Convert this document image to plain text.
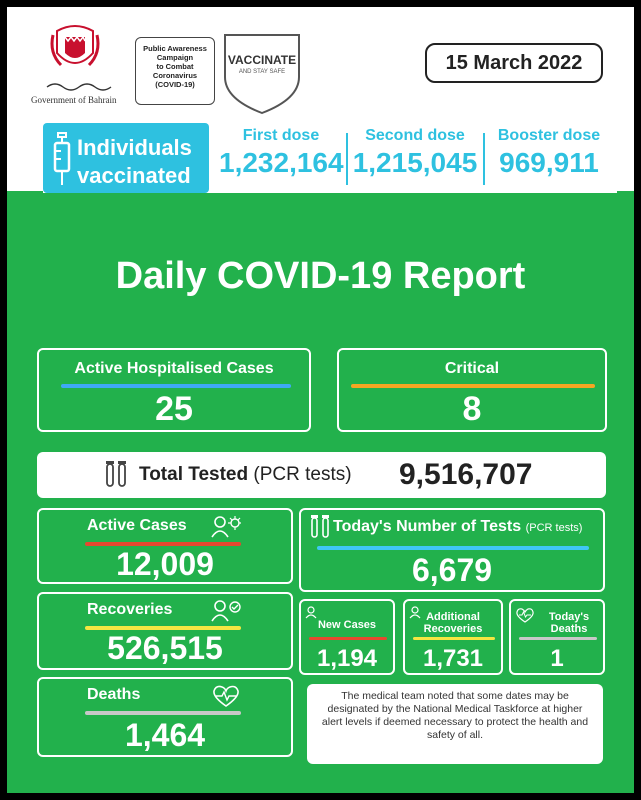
Government of Bahrain
Public Awareness
Campaign
to Combat
Coronavirus
(COVID-19)
VACCINATE
AND STAY SAFE	15 March 2022
Individuals
vaccinated
First dose
1,232,164
Second dose
1,215,045
Booster dose
969,911
Daily COVID-19 Report
Active Hospitalised Cases
25
Critical
8
Total Tested (PCR tests) 9,516,707
Active Cases
12,009
Recoveries
526,515
Deaths
1,464
Today's Number of Tests (PCR tests)
6,679
New Cases
1,194
Additional
Recoveries
1,731
Today's
Deaths
1
The medical team noted that some dates may be designated by the National Medical Taskforce at higher alert levels if deemed necessary to protect the health and safety of all.
